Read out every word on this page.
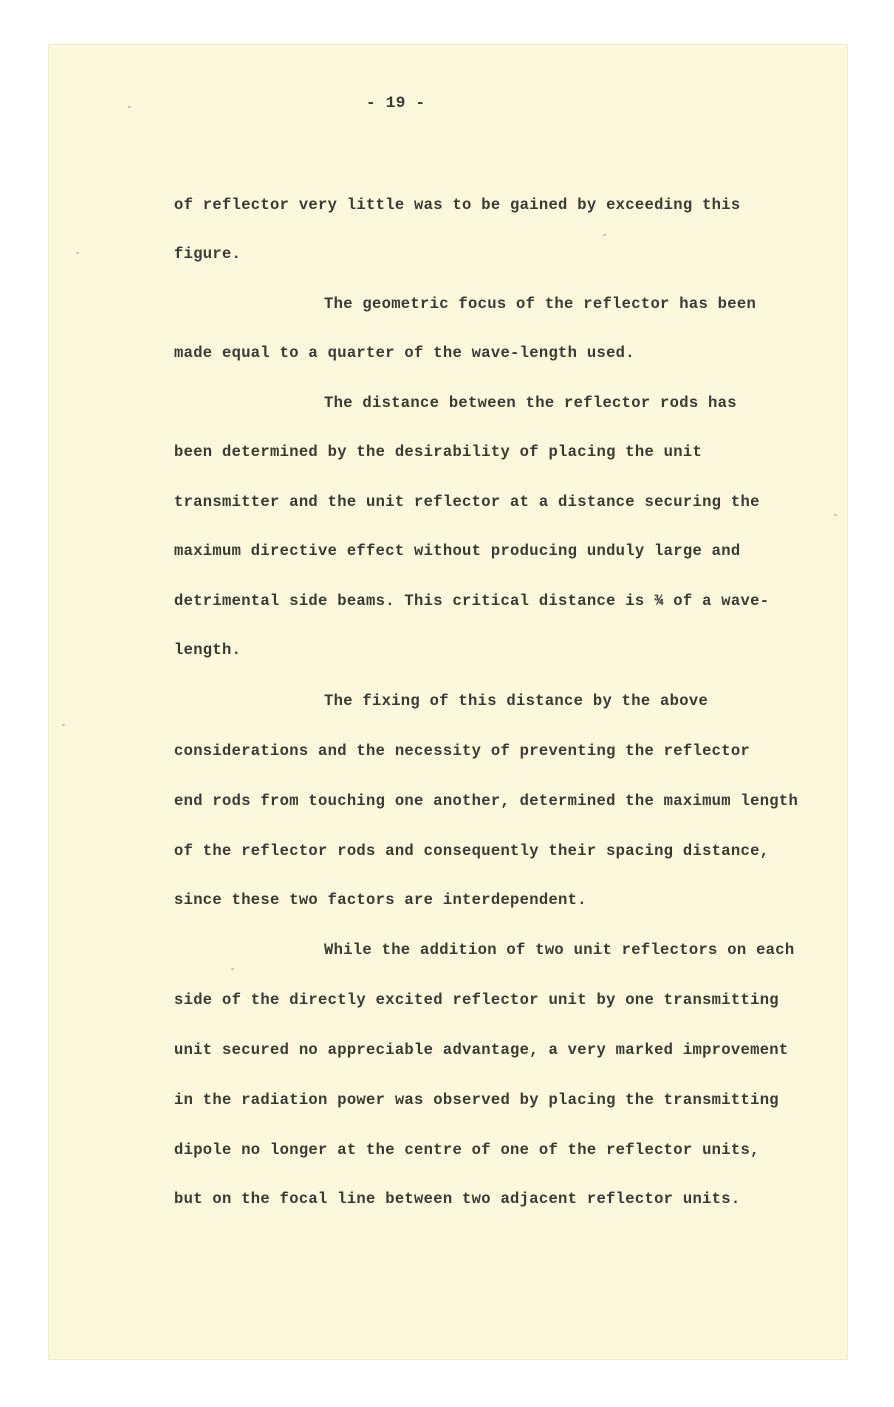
- 19 -
of reflector very little was to be gained by exceeding this
figure.
The geometric focus of the reflector has been
made equal to a quarter of the wave-length used.
The distance between the reflector rods has
been determined by the desirability of placing the unit
transmitter and the unit reflector at a distance securing the
maximum directive effect without producing unduly large and
detrimental side beams. This critical distance is ¾ of a wave-
length.
The fixing of this distance by the above
considerations and the necessity of preventing the reflector
end rods from touching one another, determined the maximum length
of the reflector rods and consequently their spacing distance,
since these two factors are interdependent.
While the addition of two unit reflectors on each
side of the directly excited reflector unit by one transmitting
unit secured no appreciable advantage, a very marked improvement
in the radiation power was observed by placing the transmitting
dipole no longer at the centre of one of the reflector units,
but on the focal line between two adjacent reflector units.
